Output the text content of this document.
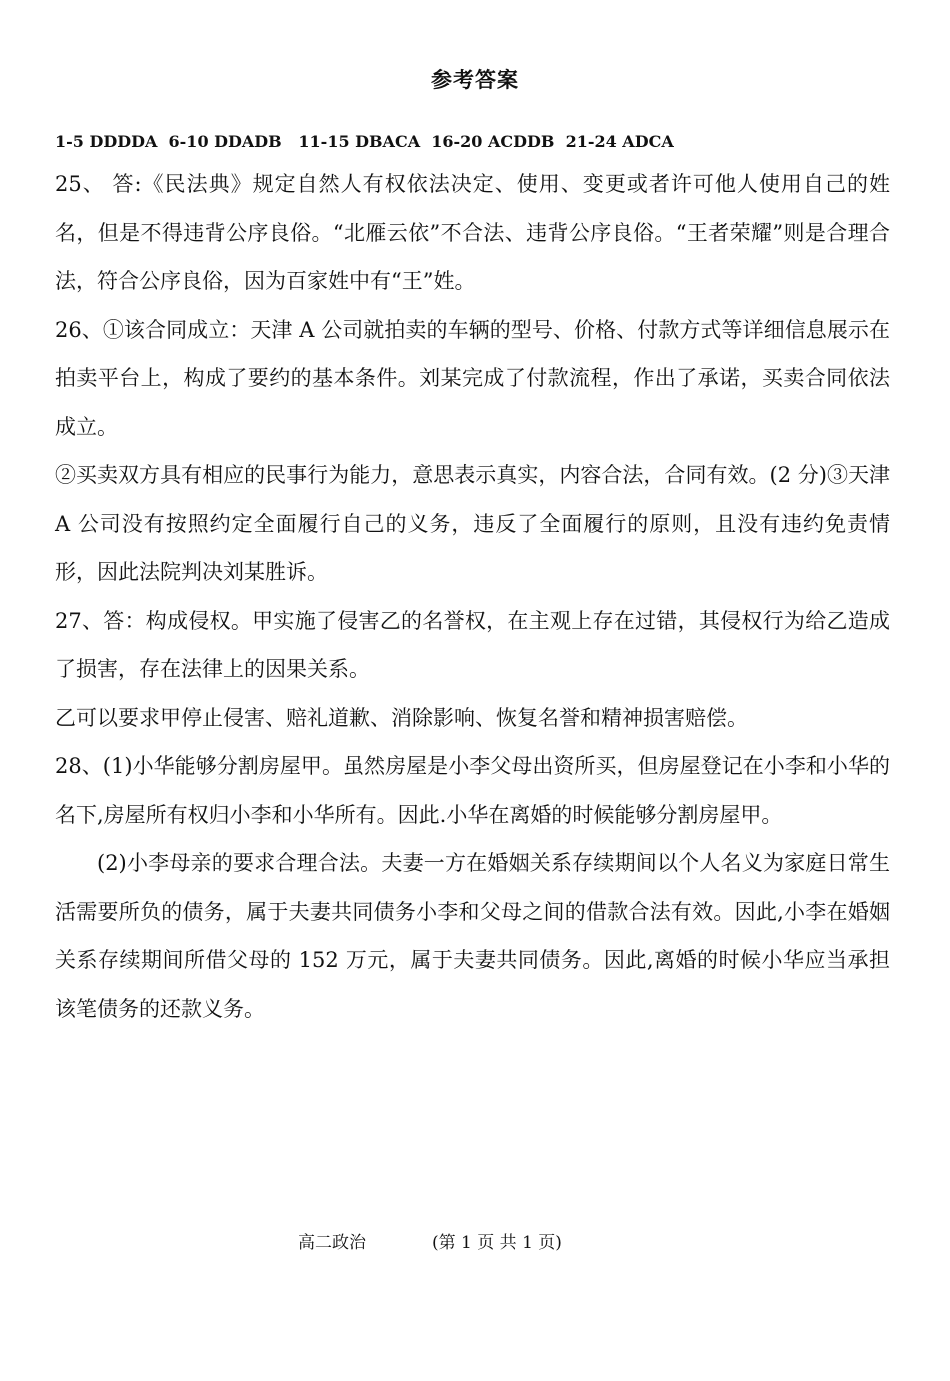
参考答案
1-5 DDDDA  6-10 DDADB   11-15 DBACA  16-20 ACDDB  21-24 ADCA

25、 答:《民法典》规定自然人有权依法决定、使用、变更或者许可他人使用自己的姓名，但是不得违背公序良俗。“北雁云依”不合法、违背公序良俗。“王者荣耀”则是合理合法，符合公序良俗，因为百家姓中有“王”姓。

26、①该合同成立：天津 A 公司就拍卖的车辆的型号、价格、付款方式等详细信息展示在拍卖平台上，构成了要约的基本条件。刘某完成了付款流程，作出了承诺，买卖合同依法成立。

②买卖双方具有相应的民事行为能力，意思表示真实，内容合法，合同有效。(2 分)③天津 A 公司没有按照约定全面履行自己的义务，违反了全面履行的原则，且没有违约免责情形，因此法院判决刘某胜诉。

27、答：构成侵权。甲实施了侵害乙的名誉权，在主观上存在过错，其侵权行为给乙造成了损害，存在法律上的因果关系。

乙可以要求甲停止侵害、赔礼道歉、消除影响、恢复名誉和精神损害赔偿。

28、(1)小华能够分割房屋甲。虽然房屋是小李父母出资所买，但房屋登记在小李和小华的名下,房屋所有权归小李和小华所有。因此.小华在离婚的时候能够分割房屋甲。

(2)小李母亲的要求合理合法。夫妻一方在婚姻关系存续期间以个人名义为家庭日常生活需要所负的债务，属于夫妻共同债务小李和父母之间的借款合法有效。因此,小李在婚姻关系存续期间所借父母的 152 万元，属于夫妻共同债务。因此,离婚的时候小华应当承担该笔债务的还款义务。

高二政治	(第 1 页 共 1 页)
